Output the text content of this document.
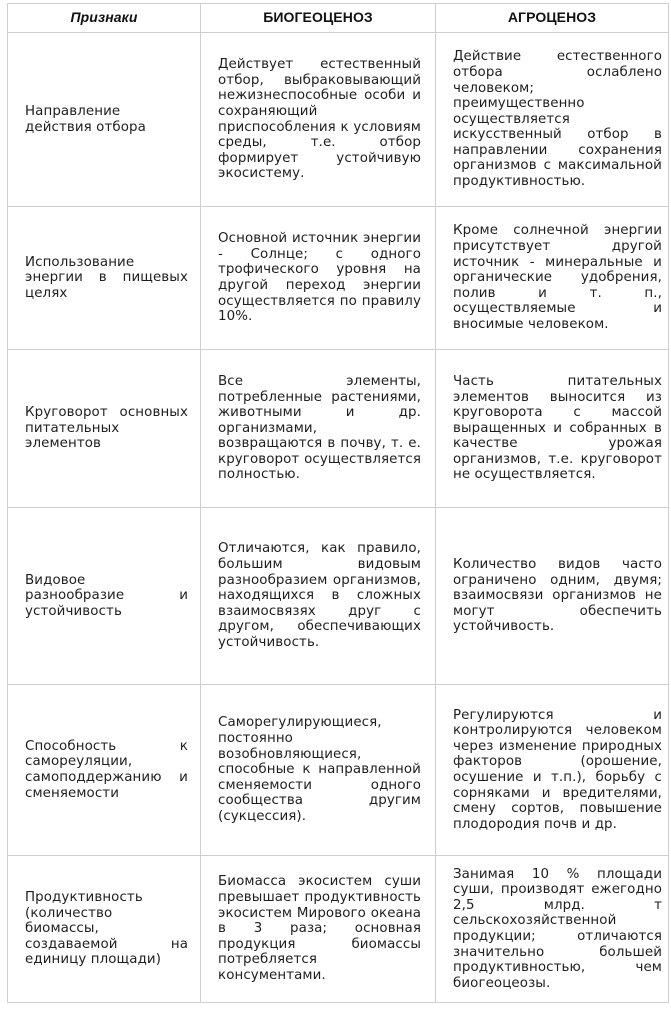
Признаки	БИОГЕОЦЕНОЗ	АГРОЦЕНОЗ
Направление действия отбора	Действует естественный отбор, выбраковывающий нежизнеспособные особи и сохраняющий приспособления к условиям среды, т.е. отбор формирует устойчивую экосистему.	Действие естественного отбора ослаблено человеком; преимущественно осуществляется искусственный отбор в направлении сохранения организмов с максимальной продуктивностью.
Использование энергии в пищевых целях	Основной источник энергии - Солнце; с одного трофического уровня на другой переход энергии осуществляется по правилу 10%.	Кроме солнечной энергии присутствует другой источник - минеральные и органические удобрения, полив и т. п., осуществляемые и вносимые человеком.
Круговорот основных питательных элементов	Все элементы, потребленные растениями, животными и др. организмами, возвращаются в почву, т. е. круговорот осуществляется полностью.	Часть питательных элементов выносится из круговорота с массой выращенных и собранных в качестве урожая организмов, т.е. круговорот не осуществляется.
Видовое разнообразие и устойчивость	Отличаются, как правило, большим видовым разнообразием организмов, находящихся в сложных взаимосвязях друг с другом, обеспечивающих устойчивость.	Количество видов часто ограничено одним, двумя; взаимосвязи организмов не могут обеспечить устойчивость.
Способность к самореуляции, самоподдержанию и сменяемости	Саморегулирующиеся, постоянно возобновляющиеся, способные к направленной сменяемости одного сообщества другим (сукцессия).	Регулируются и контролируются человеком через изменение природных факторов (орошение, осушение и т.п.), борьбу с сорняками и вредителями, смену сортов, повышение плодородия почв и др.
Продуктивность (количество биомассы, создаваемой на единицу площади)	Биомасса экосистем суши превышает продуктивность экосистем Мирового океана в 3 раза; основная продукция биомассы потребляется консументами.	Занимая 10 % площади суши, производят ежегодно 2,5 млрд. т сельскохозяйственной продукции; отличаются значительно большей продуктивностью, чем биогеоцеозы.
